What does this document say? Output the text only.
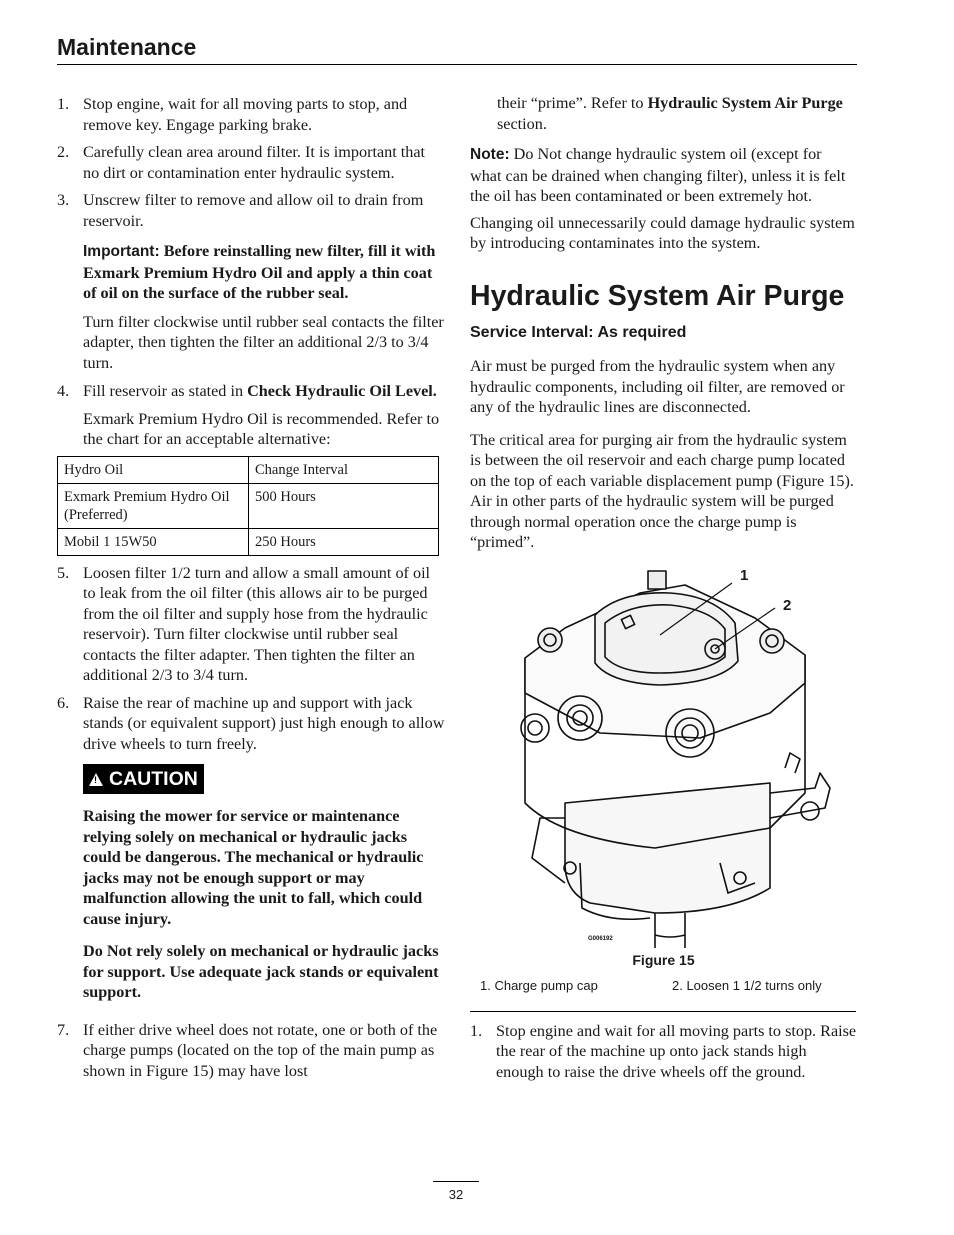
Maintenance
1. Stop engine, wait for all moving parts to stop, and remove key. Engage parking brake.
2. Carefully clean area around filter. It is important that no dirt or contamination enter hydraulic system.
3. Unscrew filter to remove and allow oil to drain from reservoir.
Important: Before reinstalling new filter, fill it with Exmark Premium Hydro Oil and apply a thin coat of oil on the surface of the rubber seal.
Turn filter clockwise until rubber seal contacts the filter adapter, then tighten the filter an additional 2/3 to 3/4 turn.
4. Fill reservoir as stated in Check Hydraulic Oil Level.
Exmark Premium Hydro Oil is recommended. Refer to the chart for an acceptable alternative:
Hydro Oil	Change Interval
Exmark Premium Hydro Oil (Preferred)	500 Hours
Mobil 1 15W50	250 Hours
5. Loosen filter 1/2 turn and allow a small amount of oil to leak from the oil filter (this allows air to be purged from the oil filter and supply hose from the hydraulic reservoir). Turn filter clockwise until rubber seal contacts the filter adapter. Then tighten the filter an additional 2/3 to 3/4 turn.
6. Raise the rear of machine up and support with jack stands (or equivalent support) just high enough to allow drive wheels to turn freely.
! CAUTION
Raising the mower for service or maintenance relying solely on mechanical or hydraulic jacks could be dangerous. The mechanical or hydraulic jacks may not be enough support or may malfunction allowing the unit to fall, which could cause injury.
Do Not rely solely on mechanical or hydraulic jacks for support. Use adequate jack stands or equivalent support.
7. If either drive wheel does not rotate, one or both of the charge pumps (located on the top of the main pump as shown in Figure 15) may have lost
their “prime”. Refer to Hydraulic System Air Purge section.
Note: Do Not change hydraulic system oil (except for what can be drained when changing filter), unless it is felt the oil has been contaminated or been extremely hot.
Changing oil unnecessarily could damage hydraulic system by introducing contaminates into the system.
Hydraulic System Air Purge
Service Interval: As required
Air must be purged from the hydraulic system when any hydraulic components, including oil filter, are removed or any of the hydraulic lines are disconnected.
The critical area for purging air from the hydraulic system is between the oil reservoir and each charge pump located on the top of each variable displacement pump (Figure 15). Air in other parts of the hydraulic system will be purged through normal operation once the charge pump is “primed”.
G006192
1
2
Figure 15
1. Charge pump cap	2. Loosen 1 1/2 turns only
1. Stop engine and wait for all moving parts to stop. Raise the rear of the machine up onto jack stands high enough to raise the drive wheels off the ground.
32
